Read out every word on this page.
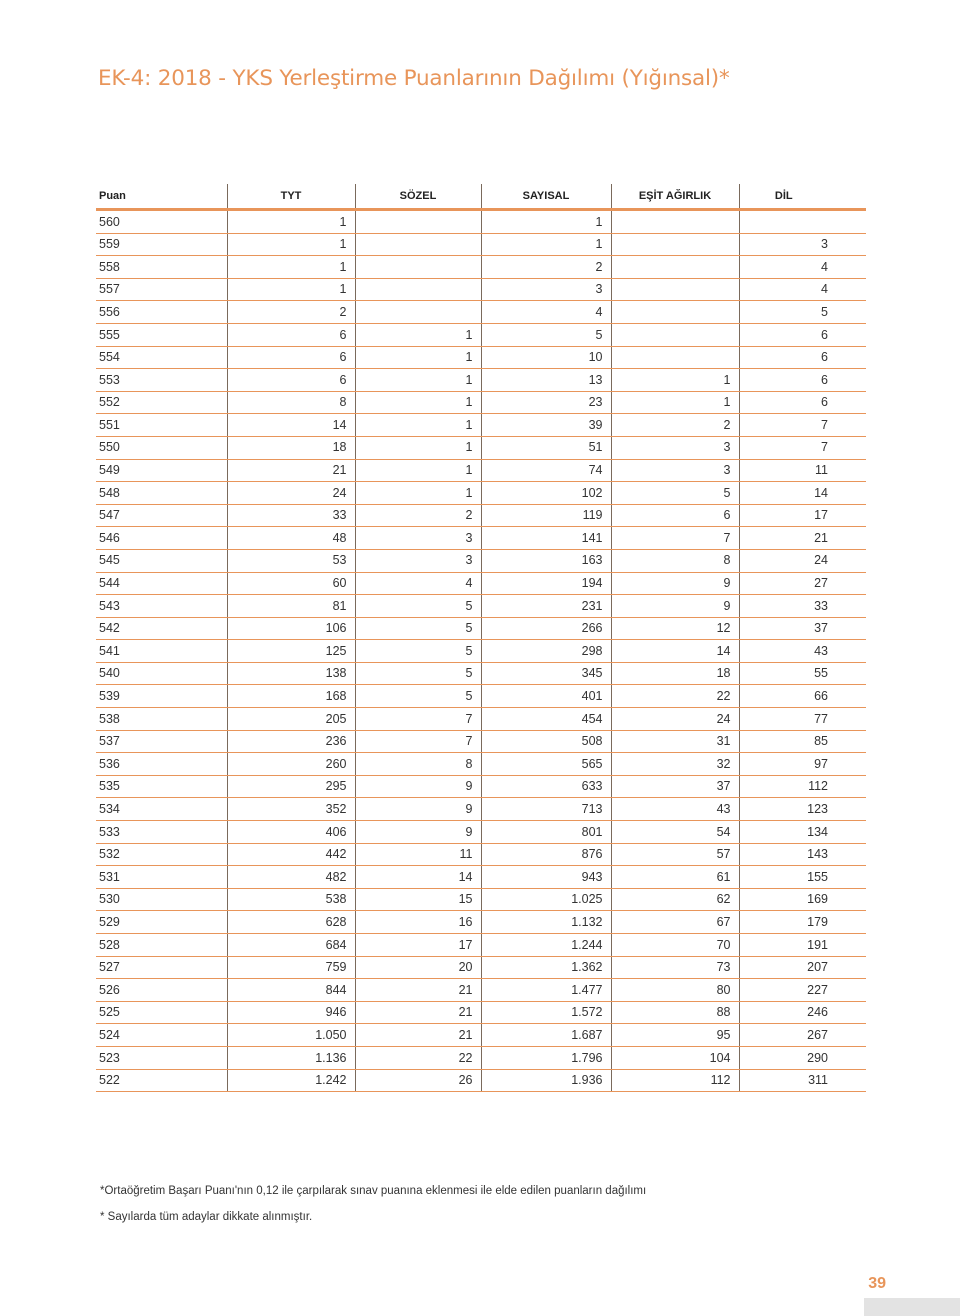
EK-4: 2018 - YKS Yerleştirme Puanlarının Dağılımı (Yığınsal)*
Puan	TYT	SÖZEL	SAYISAL	EŞİT AĞIRLIK	DİL
560	1		1		
559	1		1		3
558	1		2		4
557	1		3		4
556	2		4		5
555	6	1	5		6
554	6	1	10		6
553	6	1	13	1	6
552	8	1	23	1	6
551	14	1	39	2	7
550	18	1	51	3	7
549	21	1	74	3	11
548	24	1	102	5	14
547	33	2	119	6	17
546	48	3	141	7	21
545	53	3	163	8	24
544	60	4	194	9	27
543	81	5	231	9	33
542	106	5	266	12	37
541	125	5	298	14	43
540	138	5	345	18	55
539	168	5	401	22	66
538	205	7	454	24	77
537	236	7	508	31	85
536	260	8	565	32	97
535	295	9	633	37	112
534	352	9	713	43	123
533	406	9	801	54	134
532	442	11	876	57	143
531	482	14	943	61	155
530	538	15	1.025	62	169
529	628	16	1.132	67	179
528	684	17	1.244	70	191
527	759	20	1.362	73	207
526	844	21	1.477	80	227
525	946	21	1.572	88	246
524	1.050	21	1.687	95	267
523	1.136	22	1.796	104	290
522	1.242	26	1.936	112	311
*Ortaöğretim Başarı Puanı'nın 0,12 ile çarpılarak sınav puanına eklenmesi ile elde edilen puanların dağılımı
* Sayılarda tüm adaylar dikkate alınmıştır.
39
